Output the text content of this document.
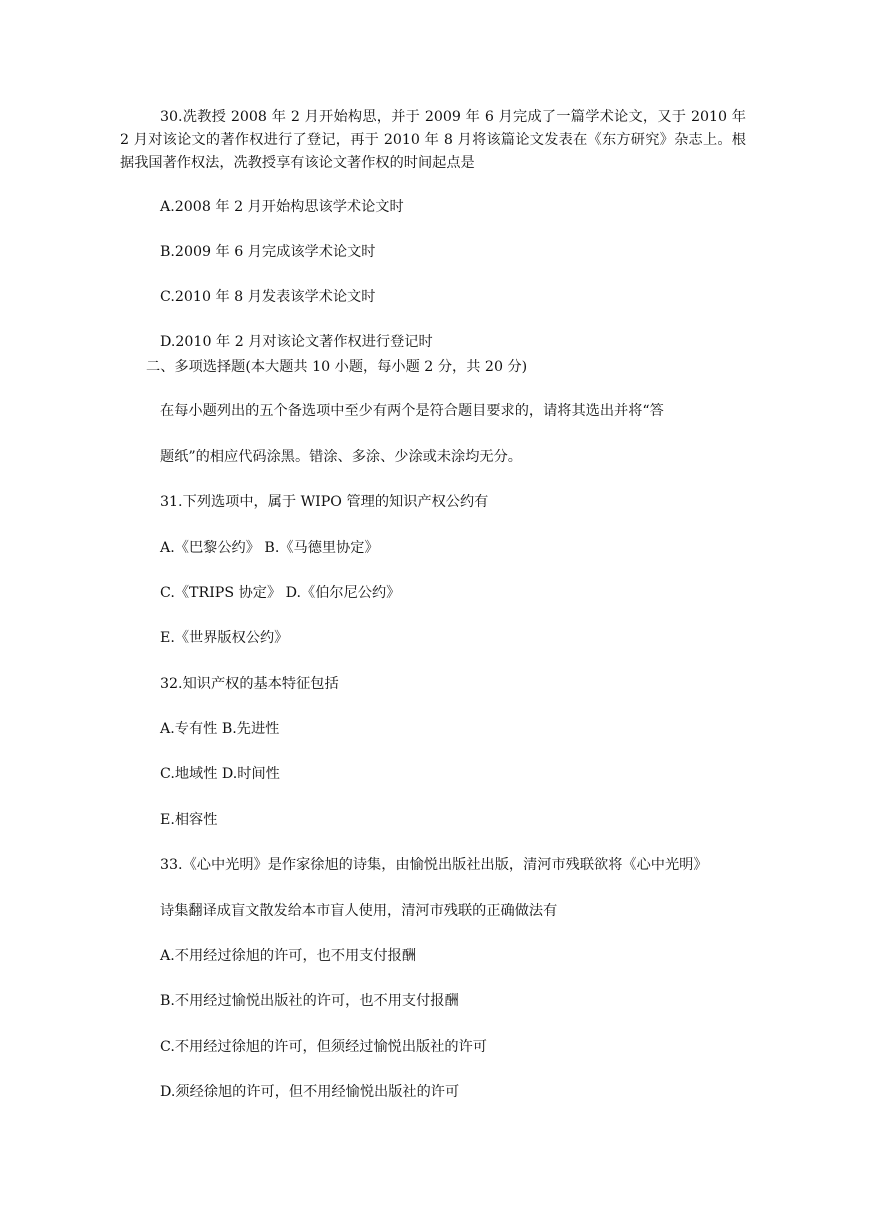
30.冼教授 2008 年 2 月开始构思，并于 2009 年 6 月完成了一篇学术论文，又于 2010 年 2 月对该论文的著作权进行了登记，再于 2010 年 8 月将该篇论文发表在《东方研究》杂志上。根据我国著作权法，冼教授享有该论文著作权的时间起点是
A.2008 年 2 月开始构思该学术论文时
B.2009 年 6 月完成该学术论文时
C.2010 年 8 月发表该学术论文时
D.2010 年 2 月对该论文著作权进行登记时
二、多项选择题(本大题共 10 小题，每小题 2 分，共 20 分)
在每小题列出的五个备选项中至少有两个是符合题目要求的，请将其选出并将“答
题纸”的相应代码涂黑。错涂、多涂、少涂或未涂均无分。
31.下列选项中，属于 WIPO 管理的知识产权公约有
A.《巴黎公约》 B.《马德里协定》
C.《TRIPS 协定》 D.《伯尔尼公约》
E.《世界版权公约》
32.知识产权的基本特征包括
A.专有性 B.先进性
C.地域性 D.时间性
E.相容性
33.《心中光明》是作家徐旭的诗集，由愉悦出版社出版，清河市残联欲将《心中光明》
诗集翻译成盲文散发给本市盲人使用，清河市残联的正确做法有
A.不用经过徐旭的许可，也不用支付报酬
B.不用经过愉悦出版社的许可，也不用支付报酬
C.不用经过徐旭的许可，但须经过愉悦出版社的许可
D.须经徐旭的许可，但不用经愉悦出版社的许可
